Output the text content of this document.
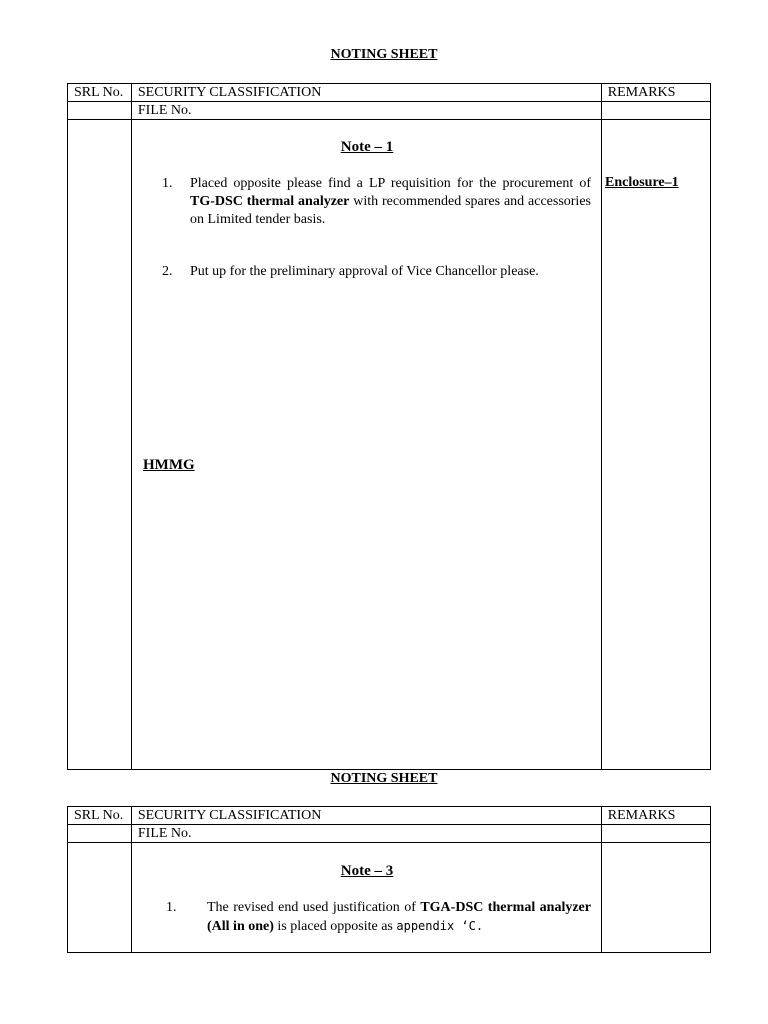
NOTING SHEET
SRL No.	SECURITY CLASSIFICATION	REMARKS
	FILE No.	

Note – 1
1. Placed opposite please find a LP requisition for the procurement of TG-DSC thermal analyzer with recommended spares and accessories on Limited tender basis.
2. Put up for the preliminary approval of Vice Chancellor please.
Enclosure–1
HMMG
NOTING SHEET
SRL No.	SECURITY CLASSIFICATION	REMARKS
	FILE No.	

Note – 3
1. The revised end used justification of TGA-DSC thermal analyzer (All in one) is placed opposite as appendix ‘C.
